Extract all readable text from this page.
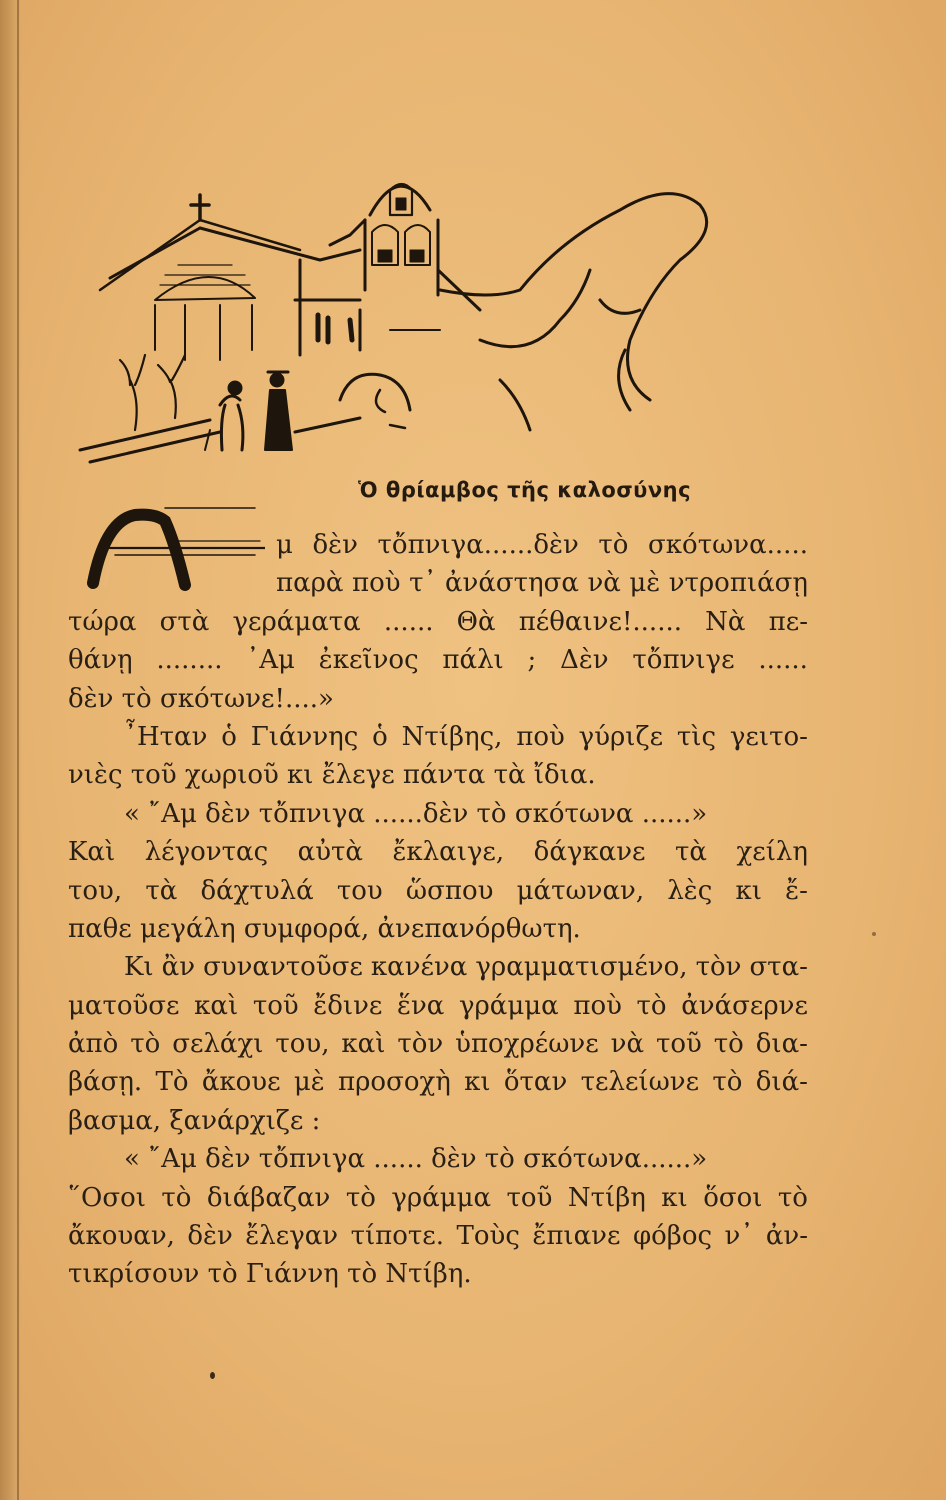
Ὁ θρίαμβος τῆς καλοσύνης
μ δὲν τὄπνιγα......δὲν τὸ σκότωνα.....
παρὰ ποὺ τ᾽ ἀνάστησα νὰ μὲ ντροπιάσῃ
τώρα στὰ γεράματα ...... Θὰ πέθαινε!...... Νὰ πε-
θάνῃ ........ ᾿Αμ ἐκεῖνος πάλι ; Δὲν τὄπνιγε ......
δὲν τὸ σκότωνε!....»
῏Ηταν ὁ Γιάννης ὁ Ντίβης, ποὺ γύριζε τὶς γειτο-
νιὲς τοῦ χωριοῦ κι ἔλεγε πάντα τὰ ἴδια.
« ῎Αμ δὲν τὄπνιγα ......δὲν τὸ σκότωνα ......»
Καὶ λέγοντας αὐτὰ ἔκλαιγε, δάγκανε τὰ χείλη
του, τὰ δάχτυλά του ὥσπου μάτωναν, λὲς κι ἔ-
παθε μεγάλη συμφορά, ἀνεπανόρθωτη.
Κι ἂν συναντοῦσε κανένα γραμματισμένο, τὸν στα-
ματοῦσε καὶ τοῦ ἔδινε ἕνα γράμμα ποὺ τὸ ἀνάσερνε
ἀπὸ τὸ σελάχι του, καὶ τὸν ὑποχρέωνε νὰ τοῦ τὸ δια-
βάσῃ. Τὸ ἄκουε μὲ προσοχὴ κι ὅταν τελείωνε τὸ διά-
βασμα, ξανάρχιζε :
« ῎Αμ δὲν τὄπνιγα ...... δὲν τὸ σκότωνα......»
῞Οσοι τὸ διάβαζαν τὸ γράμμα τοῦ Ντίβη κι ὅσοι τὸ
ἄκουαν, δὲν ἔλεγαν τίποτε. Τοὺς ἔπιανε φόβος ν᾽ ἀν-
τικρίσουν τὸ Γιάννη τὸ Ντίβη.
